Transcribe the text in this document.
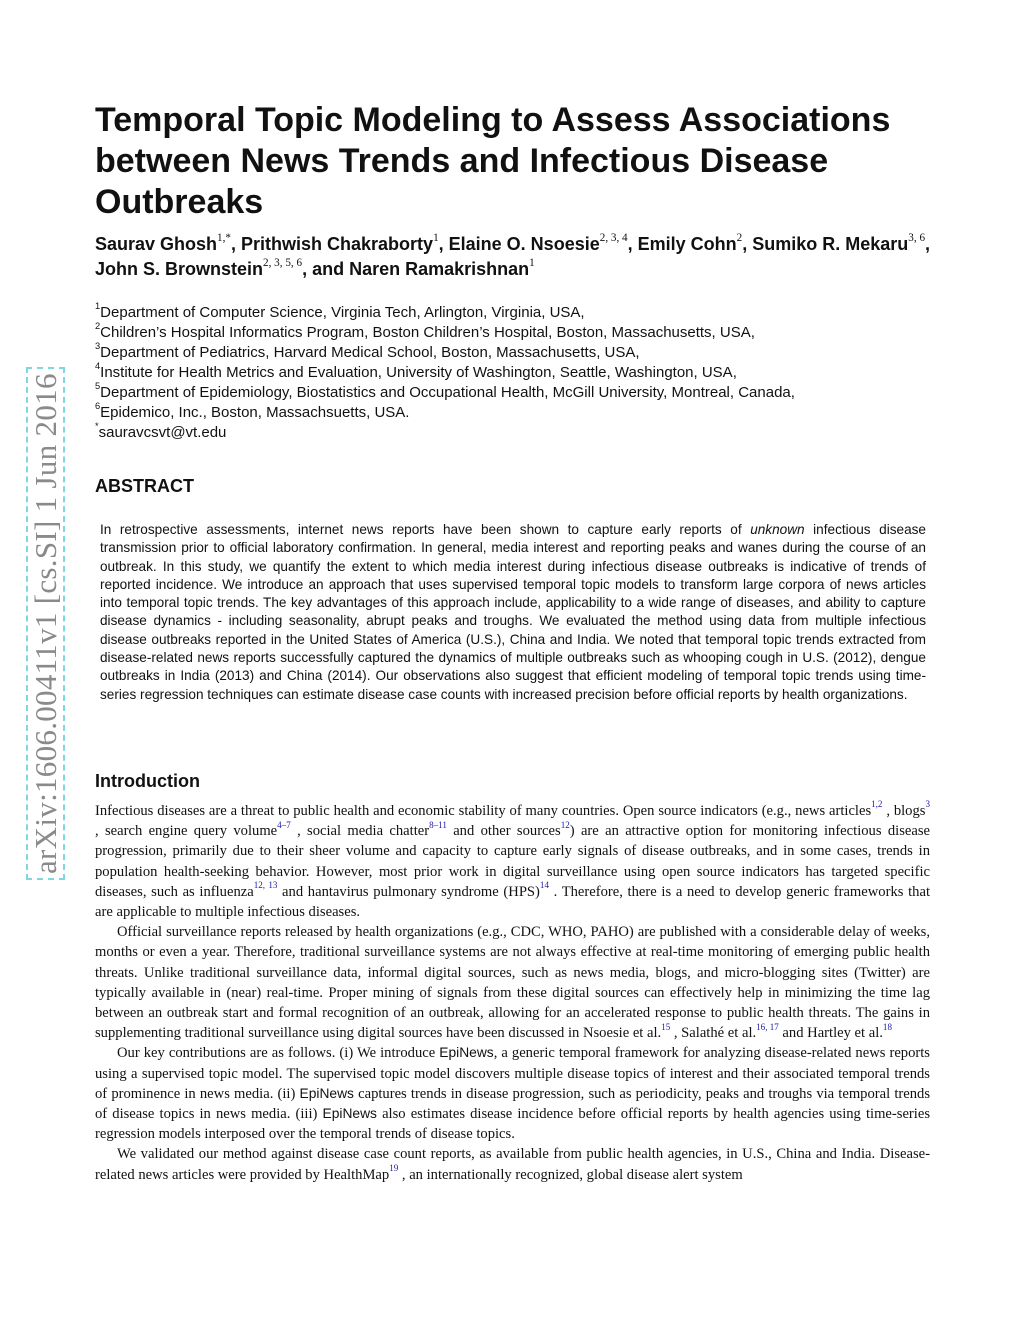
arXiv:1606.00411v1 [cs.SI] 1 Jun 2016
Temporal Topic Modeling to Assess Associations between News Trends and Infectious Disease Outbreaks
Saurav Ghosh$^{1,*}$, Prithwish Chakraborty$^1$, Elaine O. Nsoesie$^{2, 3, 4}$, Emily Cohn$^2$, Sumiko R. Mekaru$^{3, 6}$, John S. Brownstein$^{2, 3, 5, 6}$, and Naren Ramakrishnan$^1$
$^1$Department of Computer Science, Virginia Tech, Arlington, Virginia, USA,
$^2$Children’s Hospital Informatics Program, Boston Children’s Hospital, Boston, Massachusetts, USA,
$^3$Department of Pediatrics, Harvard Medical School, Boston, Massachusetts, USA,
$^4$Institute for Health Metrics and Evaluation, University of Washington, Seattle, Washington, USA,
$^5$Department of Epidemiology, Biostatistics and Occupational Health, McGill University, Montreal, Canada,
$^6$Epidemico, Inc., Boston, Massachsuetts, USA.
*sauravcsvt@vt.edu
ABSTRACT

In retrospective assessments, internet news reports have been shown to capture early reports of unknown infectious disease transmission prior to official laboratory confirmation. In general, media interest and reporting peaks and wanes during the course of an outbreak. In this study, we quantify the extent to which media interest during infectious disease outbreaks is indicative of trends of reported incidence. We introduce an approach that uses supervised temporal topic models to transform large corpora of news articles into temporal topic trends. The key advantages of this approach include, applicability to a wide range of diseases, and ability to capture disease dynamics - including seasonality, abrupt peaks and troughs. We evaluated the method using data from multiple infectious disease outbreaks reported in the United States of America (U.S.), China and India. We noted that temporal topic trends extracted from disease-related news reports successfully captured the dynamics of multiple outbreaks such as whooping cough in U.S. (2012), dengue outbreaks in India (2013) and China (2014). Our observations also suggest that efficient modeling of temporal topic trends using time-series regression techniques can estimate disease case counts with increased precision before official reports by health organizations.

Introduction

Infectious diseases are a threat to public health and economic stability of many countries. Open source indicators (e.g., news articles$^{1,2}$ , blogs$^3$ , search engine query volume$^{4-7}$ , social media chatter$^{8-11}$ and other sources$^{12}$) are an attractive option for monitoring infectious disease progression, primarily due to their sheer volume and capacity to capture early signals of disease outbreaks, and in some cases, trends in population health-seeking behavior. However, most prior work in digital surveillance using open source indicators has targeted specific diseases, such as influenza$^{12, 13}$ and hantavirus pulmonary syndrome (HPS)$^{14}$ . Therefore, there is a need to develop generic frameworks that are applicable to multiple infectious diseases.

Official surveillance reports released by health organizations (e.g., CDC, WHO, PAHO) are published with a considerable delay of weeks, months or even a year. Therefore, traditional surveillance systems are not always effective at real-time monitoring of emerging public health threats. Unlike traditional surveillance data, informal digital sources, such as news media, blogs, and micro-blogging sites (Twitter) are typically available in (near) real-time. Proper mining of signals from these digital sources can effectively help in minimizing the time lag between an outbreak start and formal recognition of an outbreak, allowing for an accelerated response to public health threats. The gains in supplementing traditional surveillance using digital sources have been discussed in Nsoesie et al.$^{15}$ , Salathé et al.$^{16, 17}$ and Hartley et al.$^{18}$

Our key contributions are as follows. (i) We introduce EpiNews, a generic temporal framework for analyzing disease-related news reports using a supervised topic model. The supervised topic model discovers multiple disease topics of interest and their associated temporal trends of prominence in news media. (ii) EpiNews captures trends in disease progression, such as periodicity, peaks and troughs via temporal trends of disease topics in news media. (iii) EpiNews also estimates disease incidence before official reports by health agencies using time-series regression models interposed over the temporal trends of disease topics.

We validated our method against disease case count reports, as available from public health agencies, in U.S., China and India. Disease-related news articles were provided by HealthMap$^{19}$ , an internationally recognized, global disease alert system
